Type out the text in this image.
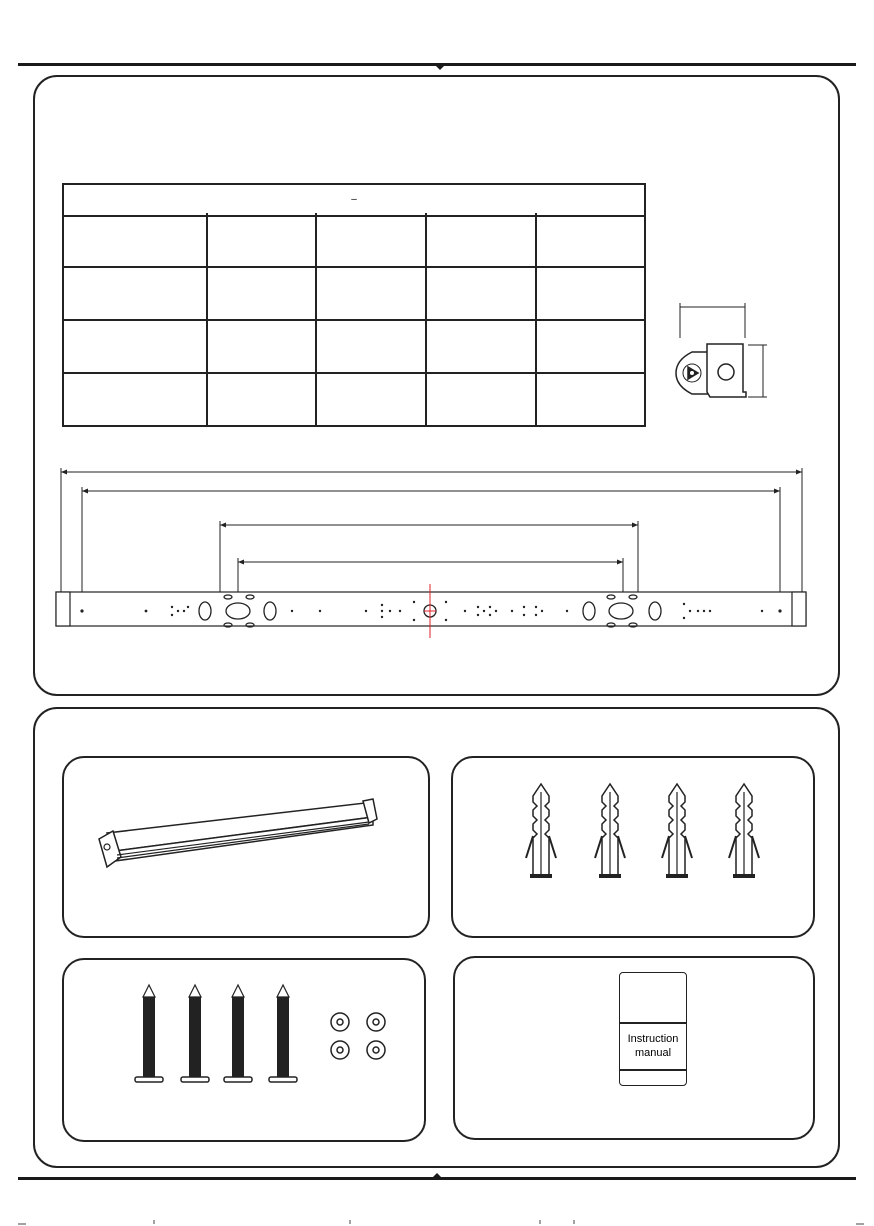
–
Instruction manual
